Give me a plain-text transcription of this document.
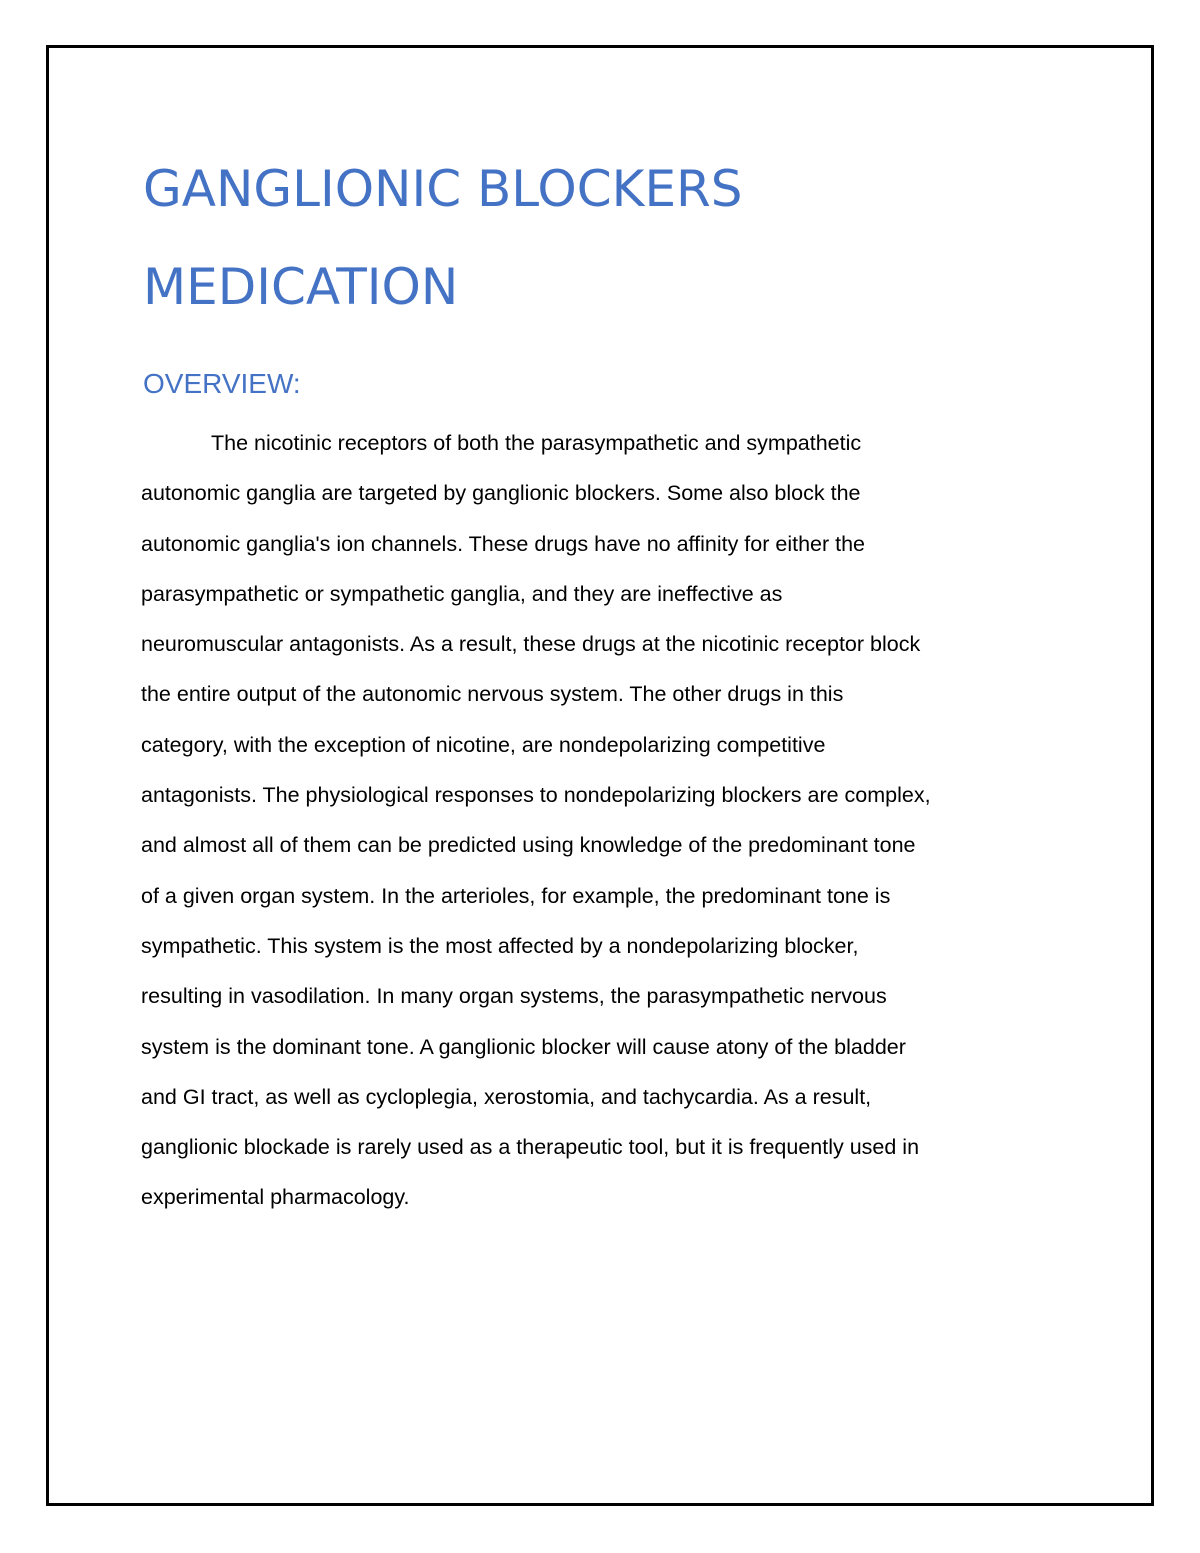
GANGLIONIC BLOCKERS
MEDICATION
OVERVIEW:

The nicotinic receptors of both the parasympathetic and sympathetic
autonomic ganglia are targeted by ganglionic blockers. Some also block the
autonomic ganglia's ion channels. These drugs have no affinity for either the
parasympathetic or sympathetic ganglia, and they are ineffective as
neuromuscular antagonists. As a result, these drugs at the nicotinic receptor block
the entire output of the autonomic nervous system. The other drugs in this
category, with the exception of nicotine, are nondepolarizing competitive
antagonists. The physiological responses to nondepolarizing blockers are complex,
and almost all of them can be predicted using knowledge of the predominant tone
of a given organ system. In the arterioles, for example, the predominant tone is
sympathetic. This system is the most affected by a nondepolarizing blocker,
resulting in vasodilation. In many organ systems, the parasympathetic nervous
system is the dominant tone. A ganglionic blocker will cause atony of the bladder
and GI tract, as well as cycloplegia, xerostomia, and tachycardia. As a result,
ganglionic blockade is rarely used as a therapeutic tool, but it is frequently used in
experimental pharmacology.
